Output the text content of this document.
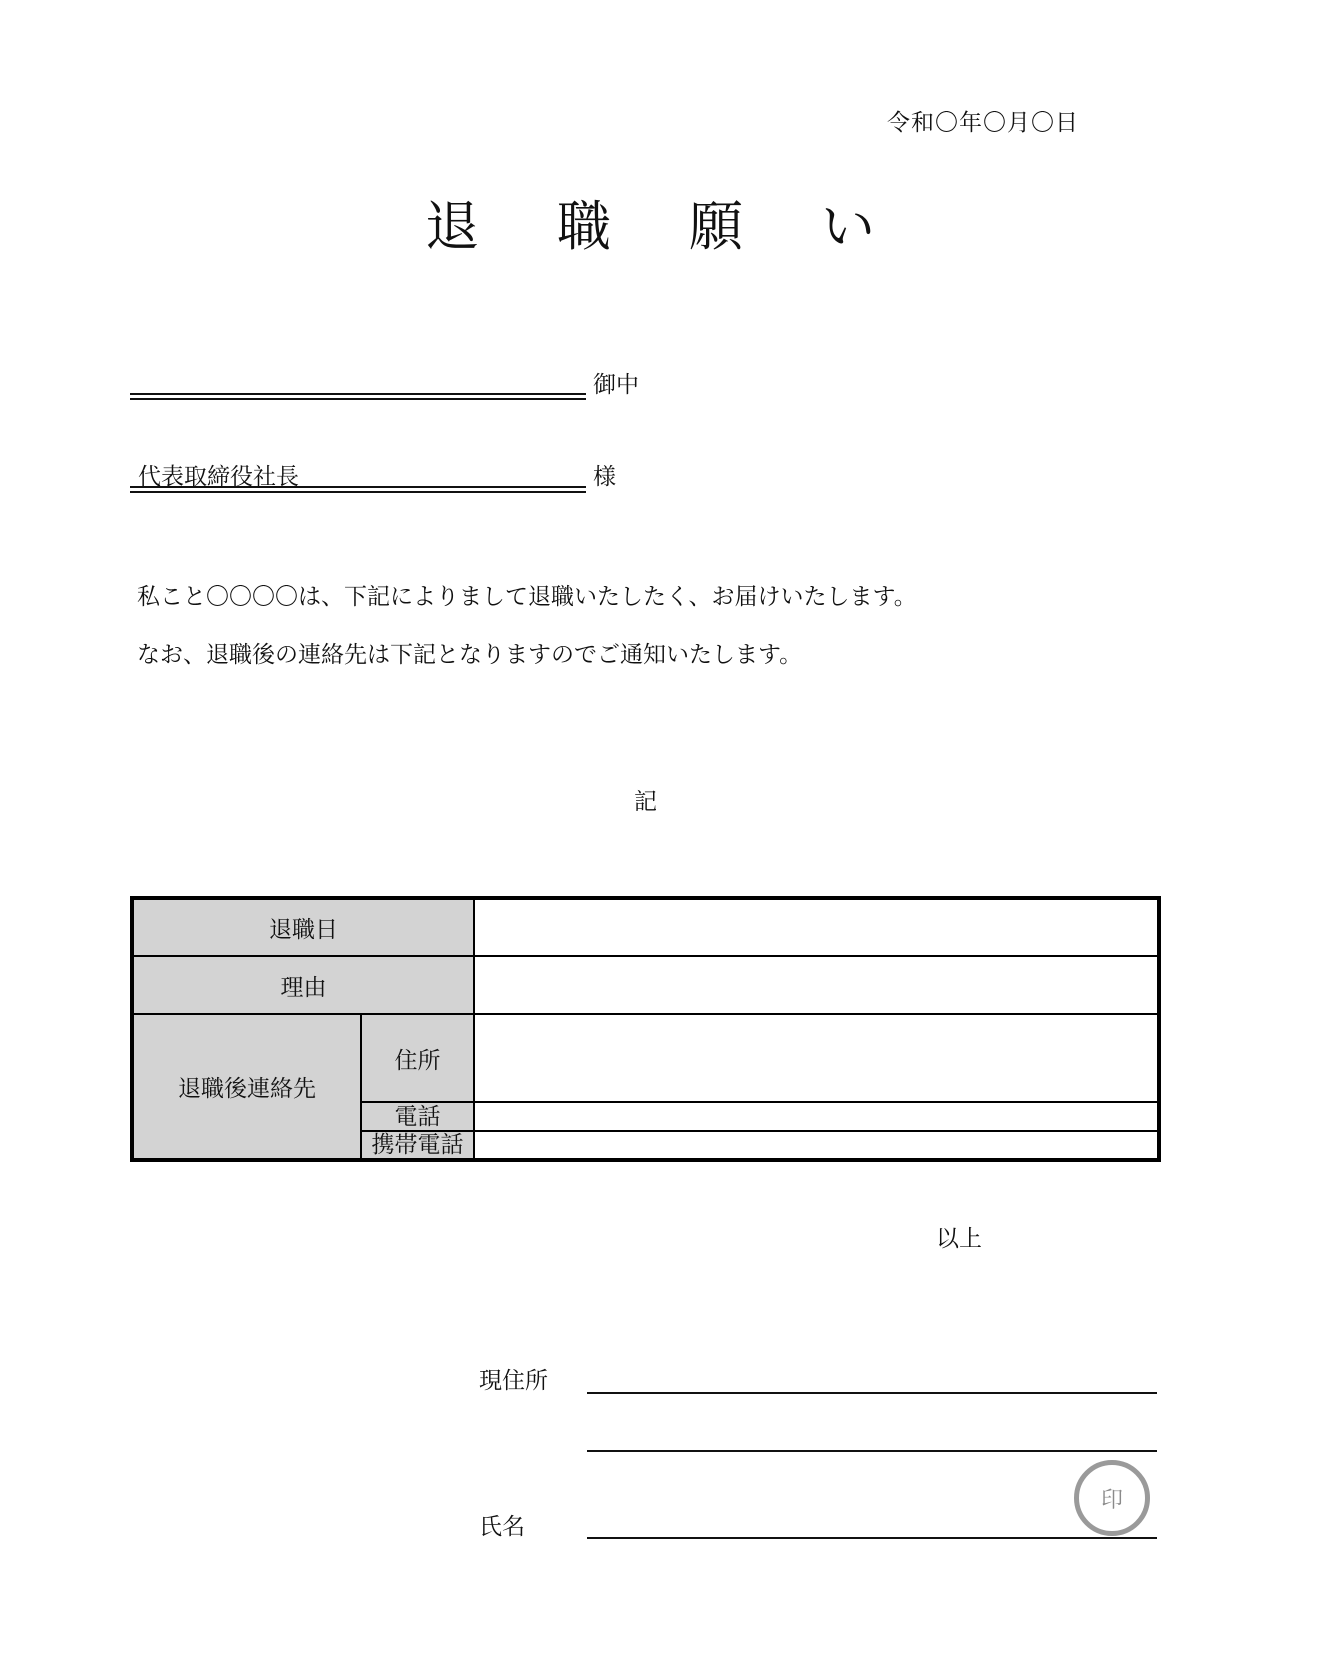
令和〇年〇月〇日
退	職	願	い
御中
代表取締役社長	様
私こと〇〇〇〇は、下記によりまして退職いたしたく、お届けいたします。
なお、退職後の連絡先は下記となりますのでご通知いたします。
記
退職日		
理由		
退職後連絡先	住所	
	電話	
	携帯電話	
以上
現住所
氏名
印
